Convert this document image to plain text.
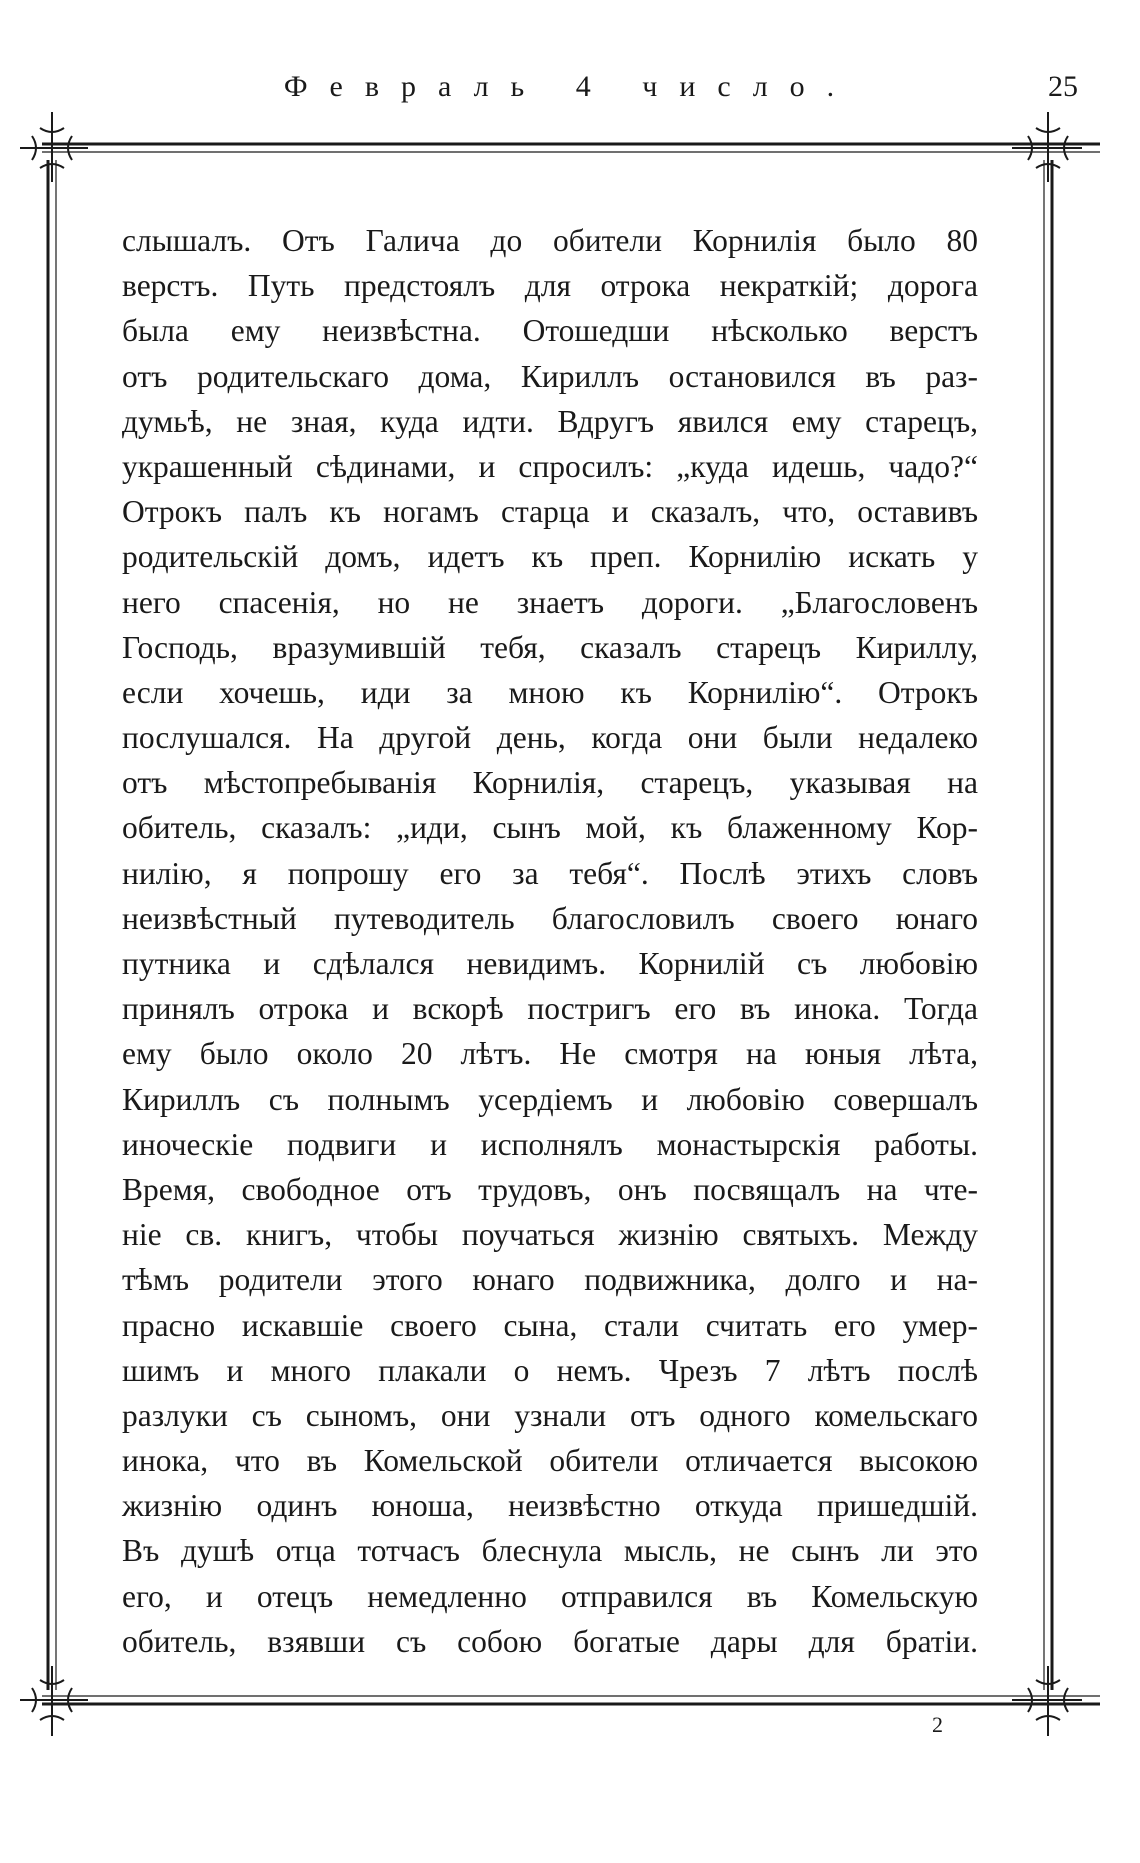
Февраль 4 число.	25
слышалъ. Отъ Галича до обители Корнилія было 80
верстъ. Путь предстоялъ для отрока некраткій; дорога
была ему неизвѣстна. Отошедши нѣсколько верстъ
отъ родительскаго дома, Кириллъ остановился въ раз-
думьѣ, не зная, куда идти. Вдругъ явился ему старецъ,
украшенный сѣдинами, и спросилъ: „куда идешь, чадо?“
Отрокъ палъ къ ногамъ старца и сказалъ, что, оставивъ
родительскій домъ, идетъ къ преп. Корнилію искать у
него спасенія, но не знаетъ дороги. „Благословенъ
Господь, вразумившій тебя, сказалъ старецъ Кириллу,
если хочешь, иди за мною къ Корнилію“. Отрокъ
послушался. На другой день, когда они были недалеко
отъ мѣстопребыванія Корнилія, старецъ, указывая на
обитель, сказалъ: „иди, сынъ мой, къ блаженному Кор-
нилію, я попрошу его за тебя“. Послѣ этихъ словъ
неизвѣстный путеводитель благословилъ своего юнаго
путника и сдѣлался невидимъ. Корнилій съ любовію
принялъ отрока и вскорѣ постригъ его въ инока. Тогда
ему было около 20 лѣтъ. Не смотря на юныя лѣта,
Кириллъ съ полнымъ усердіемъ и любовію совершалъ
иноческіе подвиги и исполнялъ монастырскія работы.
Время, свободное отъ трудовъ, онъ посвящалъ на чте-
ніе св. книгъ, чтобы поучаться жизнію святыхъ. Между
тѣмъ родители этого юнаго подвижника, долго и на-
прасно искавшіе своего сына, стали считать его умер-
шимъ и много плакали о немъ. Чрезъ 7 лѣтъ послѣ
разлуки съ сыномъ, они узнали отъ одного комельскаго
инока, что въ Комельской обители отличается высокою
жизнію одинъ юноша, неизвѣстно откуда пришедшій.
Въ душѣ отца тотчасъ блеснула мысль, не сынъ ли это
его, и отецъ немедленно отправился въ Комельскую
обитель, взявши съ собою богатые дары для братіи.
2
